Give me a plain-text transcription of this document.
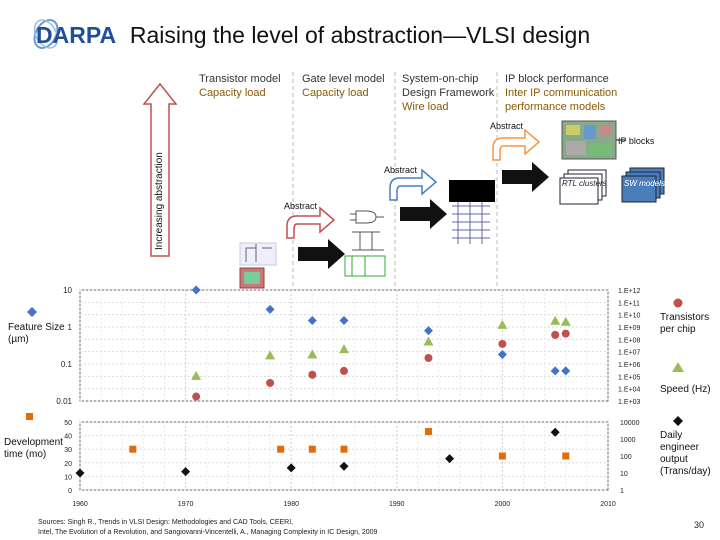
DARPA Raising the level of abstraction—VLSI design
Transistor model
Capacity load
Gate level model
Capacity load
System-on-chip
Design Framework
Wire load
IP block performance
Inter IP communication
performance models
Increasing abstraction	Abstract
Abstract
Abstract
IP blocks
RTL clusters SW models
10
1
0.1
0.01
1.E+12
1.E+11
1.E+10
1.E+09
1.E+08
1.E+07
1.E+06
1.E+05
1.E+04
1.E+03
50
40
30
20
10
0
10000
1000
100
10
1
1960	1970	1980	1990	2000	2010
Feature Size (µm)
Transistors per chip
Speed (Hz)
Development time (mo)
Daily engineer output (Trans/day)
Sources: Singh R., Trends in VLSI Design: Methodologies and CAD Tools, CEERI,
Intel, The Evolution of a Revolution, and Sangiovanni-Vincentelli, A., Managing Complexity in IC Design, 2009
30
